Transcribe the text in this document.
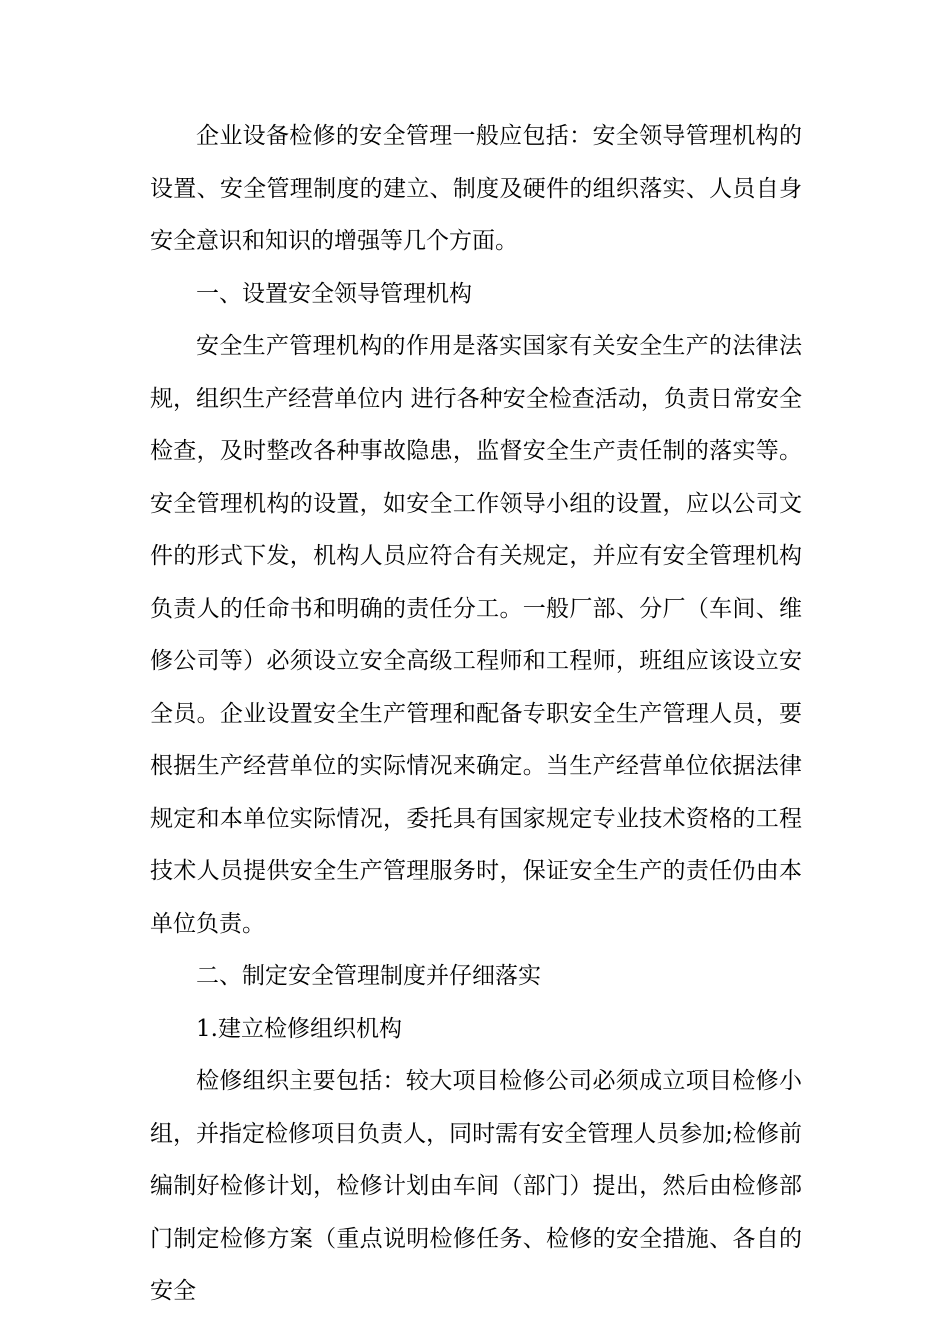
企业设备检修的安全管理一般应包括：安全领导管理机构的设置、安全管理制度的建立、制度及硬件的组织落实、人员自身安全意识和知识的增强等几个方面。

一、设置安全领导管理机构

安全生产管理机构的作用是落实国家有关安全生产的法律法规，组织生产经营单位内 进行各种安全检查活动，负责日常安全检查，及时整改各种事故隐患，监督安全生产责任制的落实等。安全管理机构的设置，如安全工作领导小组的设置，应以公司文件的形式下发，机构人员应符合有关规定，并应有安全管理机构负责人的任命书和明确的责任分工。一般厂部、分厂（车间、维修公司等）必须设立安全高级工程师和工程师，班组应该设立安全员。企业设置安全生产管理和配备专职安全生产管理人员，要根据生产经营单位的实际情况来确定。当生产经营单位依据法律规定和本单位实际情况，委托具有国家规定专业技术资格的工程技术人员提供安全生产管理服务时，保证安全生产的责任仍由本单位负责。

二、制定安全管理制度并仔细落实

1.建立检修组织机构

检修组织主要包括：较大项目检修公司必须成立项目检修小组，并指定检修项目负责人，同时需有安全管理人员参加;检修前编制好检修计划，检修计划由车间（部门）提出，然后由检修部门制定检修方案（重点说明检修任务、检修的安全措施、各自的安全
